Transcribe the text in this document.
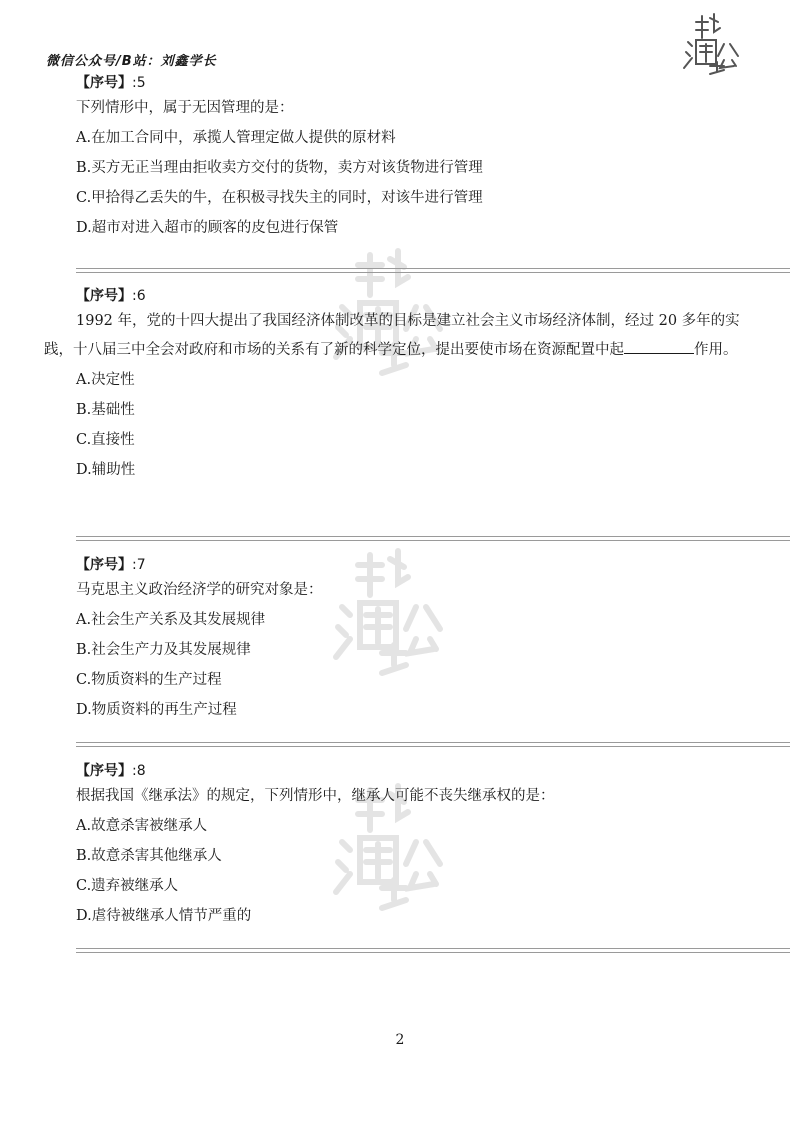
微信公众号/B站：刘鑫学长
【序号】:5
下列情形中，属于无因管理的是：
A.在加工合同中，承揽人管理定做人提供的原材料
B.买方无正当理由拒收卖方交付的货物，卖方对该货物进行管理
C.甲拾得乙丢失的牛，在积极寻找失主的同时，对该牛进行管理
D.超市对进入超市的顾客的皮包进行保管
【序号】:6
1992 年，党的十四大提出了我国经济体制改革的目标是建立社会主义市场经济体制，经过 20 多年的实践，十八届三中全会对政府和市场的关系有了新的科学定位，提出要使市场在资源配置中起	作用。
A.决定性
B.基础性
C.直接性
D.辅助性
【序号】:7
马克思主义政治经济学的研究对象是：
A.社会生产关系及其发展规律
B.社会生产力及其发展规律
C.物质资料的生产过程
D.物质资料的再生产过程
【序号】:8
根据我国《继承法》的规定，下列情形中，继承人可能不丧失继承权的是：
A.故意杀害被继承人
B.故意杀害其他继承人
C.遗弃被继承人
D.虐待被继承人情节严重的
2
